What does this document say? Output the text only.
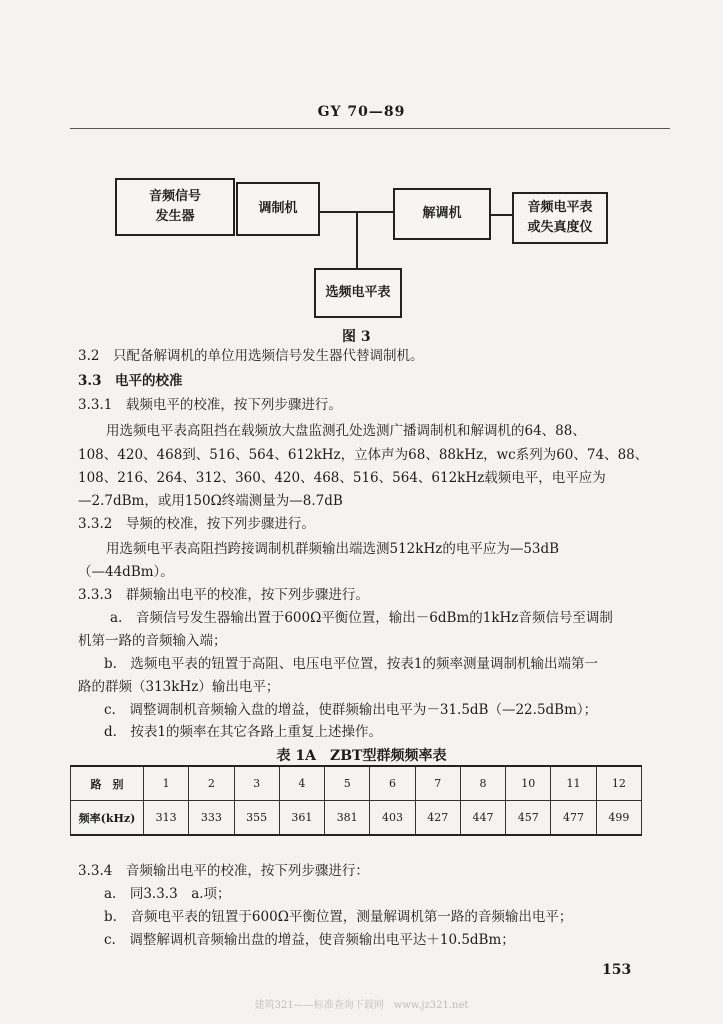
GY 70—89
音频信号
发生器
调制机	解调机	音频电平表
或失真度仪
选频电平表
图 3
3.2　只配备解调机的单位用选频信号发生器代替调制机。
3.3　电平的校准
3.3.1　载频电平的校准，按下列步骤进行。
用选频电平表高阻挡在载频放大盘监测孔处选测广播调制机和解调机的64、88、
108、420、468到、516、564、612kHz，立体声为68、88kHz，wc系列为60、74、88、
108、216、264、312、360、420、468、516、564、612kHz载频电平，电平应为
—2.7dBm，或用150Ω终端测量为—8.7dB
3.3.2　导频的校准，按下列步骤进行。
用选频电平表高阻挡跨接调制机群频输出端选测512kHz的电平应为—53dB
（—44dBm）。
3.3.3　群频输出电平的校准，按下列步骤进行。
a.　音频信号发生器输出置于600Ω平衡位置，输出－6dBm的1kHz音频信号至调制
机第一路的音频输入端；
b.　选频电平表的钮置于高阻、电压电平位置，按表1的频率测量调制机输出端第一
路的群频（313kHz）输出电平；
c.　调整调制机音频输入盘的增益，使群频输出电平为－31.5dB（—22.5dBm）；
d.　按表1的频率在其它各路上重复上述操作。
表 1A　ZBT型群频频率表
路　别	1	2	3	4	5	6	7	8	10	11	12
频率(kHz)	313	333	355	361	381	403	427	447	457	477	499
3.3.4　音频输出电平的校准，按下列步骤进行：
a.　同3.3.3　a.项；
b.　音频电平表的钮置于600Ω平衡位置，测量解调机第一路的音频输出电平；
c.　调整解调机音频输出盘的增益，使音频输出电平达＋10.5dBm；
153
建筑321——标准查询下载网　www.jz321.net
